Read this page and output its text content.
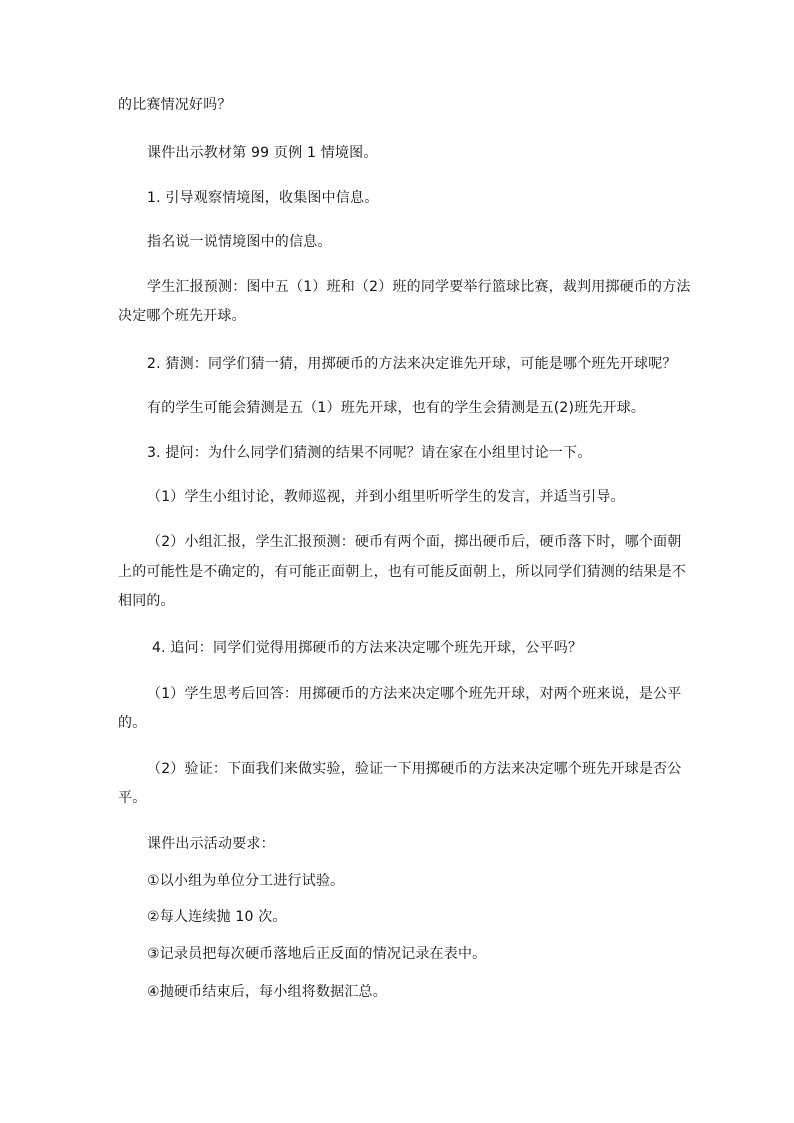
的比赛情况好吗？
课件出示教材第 99 页例 1 情境图。
1. 引导观察情境图，收集图中信息。
指名说一说情境图中的信息。
学生汇报预测：图中五（1）班和（2）班的同学要举行篮球比赛，裁判用掷硬币的方法
决定哪个班先开球。
2. 猜测：同学们猜一猜，用掷硬币的方法来决定谁先开球，可能是哪个班先开球呢？
有的学生可能会猜测是五（1）班先开球，也有的学生会猜测是五(2)班先开球。
3. 提问：为什么同学们猜测的结果不同呢？请在家在小组里讨论一下。
（1）学生小组讨论，教师巡视，并到小组里听听学生的发言，并适当引导。
（2）小组汇报，学生汇报预测：硬币有两个面，掷出硬币后，硬币落下时，哪个面朝
上的可能性是不确定的，有可能正面朝上，也有可能反面朝上，所以同学们猜测的结果是不
相同的。
4. 追问：同学们觉得用掷硬币的方法来决定哪个班先开球，公平吗？
（1）学生思考后回答：用掷硬币的方法来决定哪个班先开球，对两个班来说，是公平
的。
（2）验证：下面我们来做实验，验证一下用掷硬币的方法来决定哪个班先开球是否公
平。
课件出示活动要求：
①以小组为单位分工进行试验。
②每人连续抛 10 次。
③记录员把每次硬币落地后正反面的情况记录在表中。
④抛硬币结束后，每小组将数据汇总。
